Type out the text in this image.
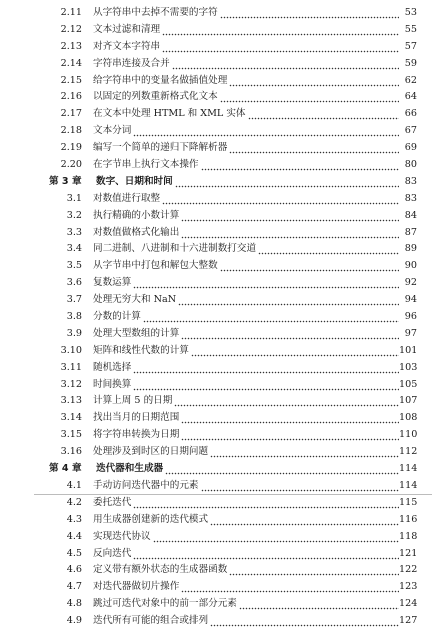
2.11 从字符串中去掉不需要的字符	53
2.12 文本过滤和清理	55
2.13 对齐文本字符串	57
2.14 字符串连接及合并	59
2.15 给字符串中的变量名做插值处理	62
2.16 以固定的列数重新格式化文本	64
2.17 在文本中处理 HTML 和 XML 实体	66
2.18 文本分词	67
2.19 编写一个简单的递归下降解析器	69
2.20 在字节串上执行文本操作	80
第 3 章 数字、日期和时间	83
3.1 对数值进行取整	83
3.2 执行精确的小数计算	84
3.3 对数值做格式化输出	87
3.4 同二进制、八进制和十六进制数打交道	89
3.5 从字节串中打包和解包大整数	90
3.6 复数运算	92
3.7 处理无穷大和 NaN	94
3.8 分数的计算	96
3.9 处理大型数组的计算	97
3.10 矩阵和线性代数的计算	101
3.11 随机选择	103
3.12 时间换算	105
3.13 计算上周 5 的日期	107
3.14 找出当月的日期范围	108
3.15 将字符串转换为日期	110
3.16 处理涉及到时区的日期问题	112
第 4 章 迭代器和生成器	114
4.1 手动访问迭代器中的元素	114
4.2 委托迭代	115
4.3 用生成器创建新的迭代模式	116
4.4 实现迭代协议	118
4.5 反向迭代	121
4.6 定义带有额外状态的生成器函数	122
4.7 对迭代器做切片操作	123
4.8 跳过可迭代对象中的前一部分元素	124
4.9 迭代所有可能的组合或排列	127
